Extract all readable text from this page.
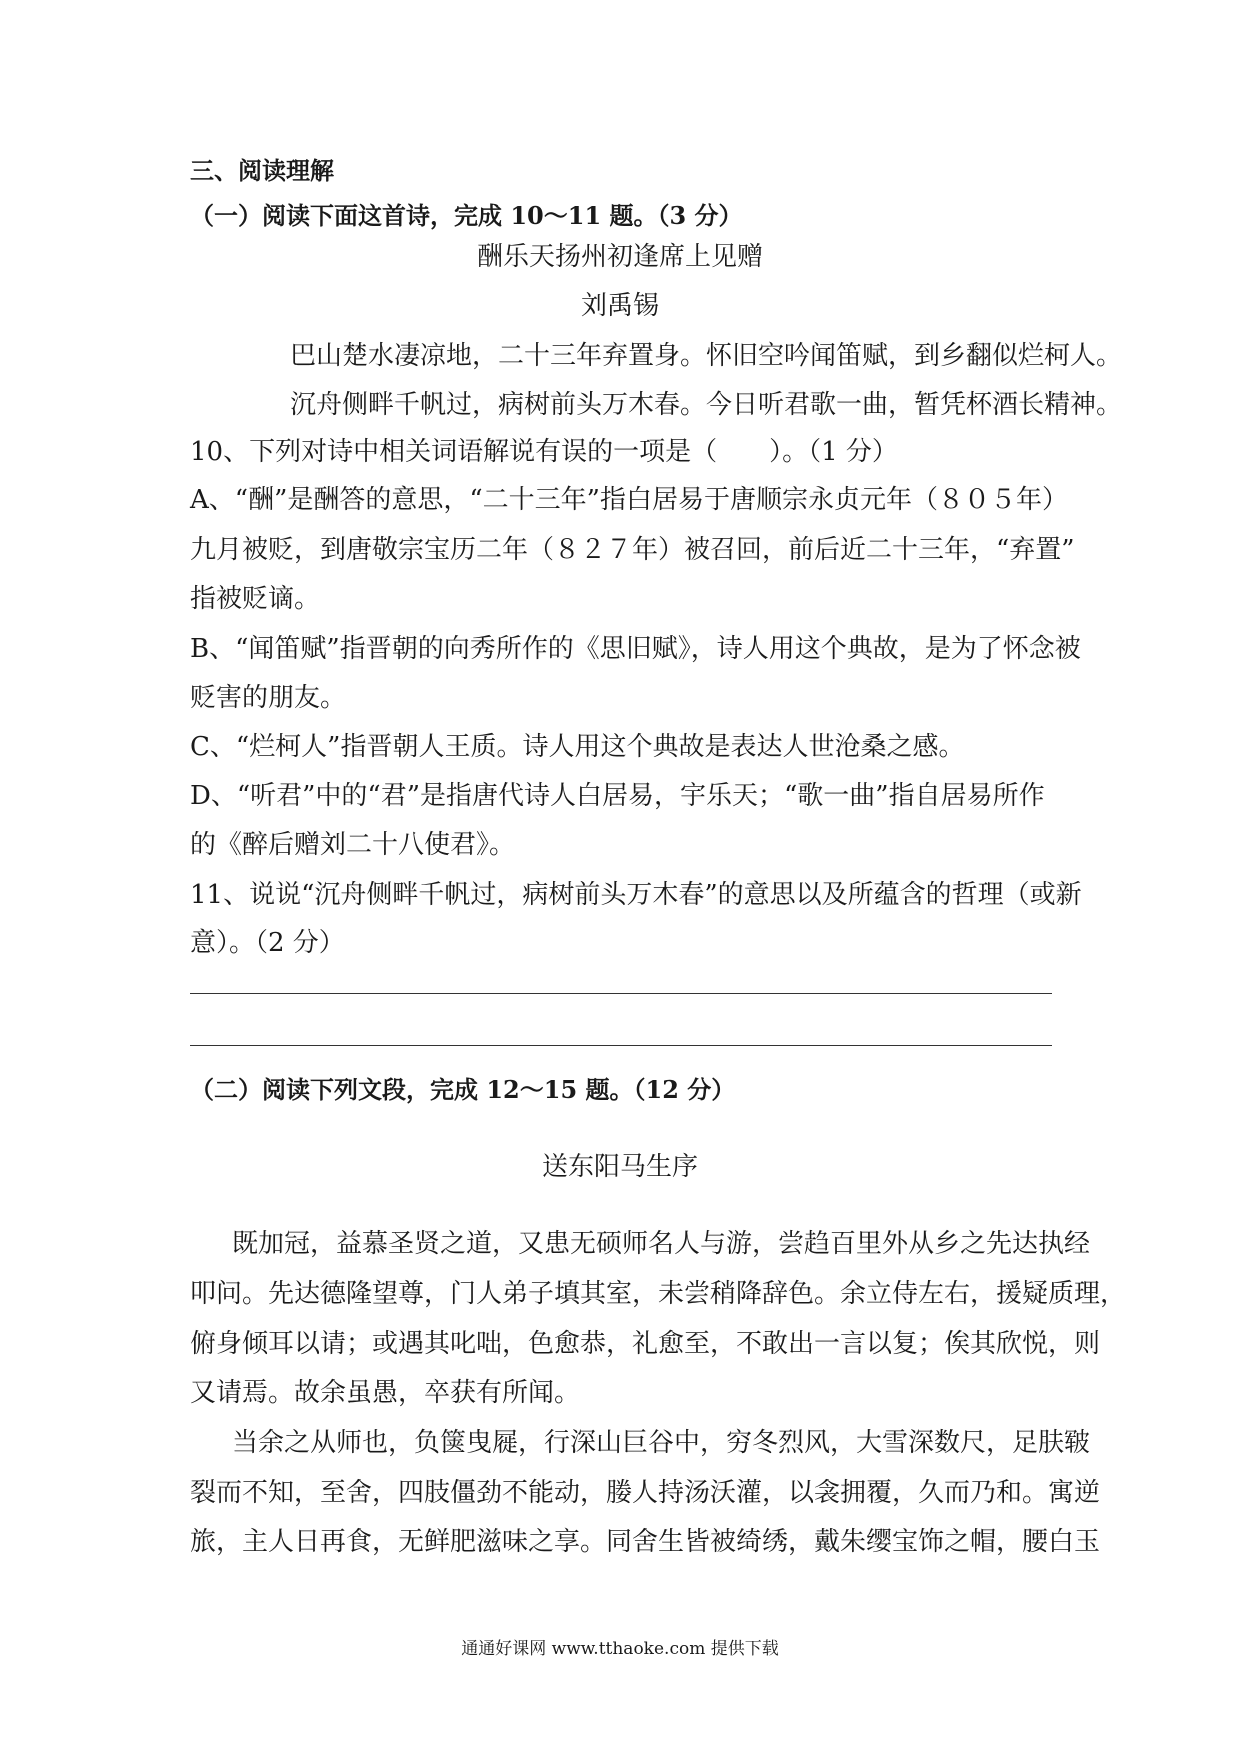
三、阅读理解
（一）阅读下面这首诗，完成 10～11 题。（3 分）
酬乐天扬州初逢席上见赠
刘禹锡
巴山楚水凄凉地，二十三年弃置身。怀旧空吟闻笛赋，到乡翻似烂柯人。
沉舟侧畔千帆过，病树前头万木春。今日听君歌一曲，暂凭杯酒长精神。
10、下列对诗中相关词语解说有误的一项是（　　）。（1 分）
A、“酬”是酬答的意思，“二十三年”指白居易于唐顺宗永贞元年（８０５年）
九月被贬，到唐敬宗宝历二年（８２７年）被召回，前后近二十三年，“弃置”
指被贬谪。
B、“闻笛赋”指晋朝的向秀所作的《思旧赋》，诗人用这个典故，是为了怀念被
贬害的朋友。
C、“烂柯人”指晋朝人王质。诗人用这个典故是表达人世沧桑之感。
D、“听君”中的“君”是指唐代诗人白居易，宇乐天；“歌一曲”指自居易所作
的《醉后赠刘二十八使君》。
11、说说“沉舟侧畔千帆过，病树前头万木春”的意思以及所蕴含的哲理（或新
意）。（2 分）
（二）阅读下列文段，完成 12～15 题。（12 分）
送东阳马生序
既加冠，益慕圣贤之道，又患无硕师名人与游，尝趋百里外从乡之先达执经
叩问。先达德隆望尊，门人弟子填其室，未尝稍降辞色。余立侍左右，援疑质理，
俯身倾耳以请；或遇其叱咄，色愈恭，礼愈至，不敢出一言以复；俟其欣悦，则
又请焉。故余虽愚，卒获有所闻。
当余之从师也，负箧曳屣，行深山巨谷中，穷冬烈风，大雪深数尺，足肤皲
裂而不知，至舍，四肢僵劲不能动，媵人持汤沃灌，以衾拥覆，久而乃和。寓逆
旅，主人日再食，无鲜肥滋味之享。同舍生皆被绮绣，戴朱缨宝饰之帽，腰白玉
通通好课网 www.tthaoke.com 提供下载
